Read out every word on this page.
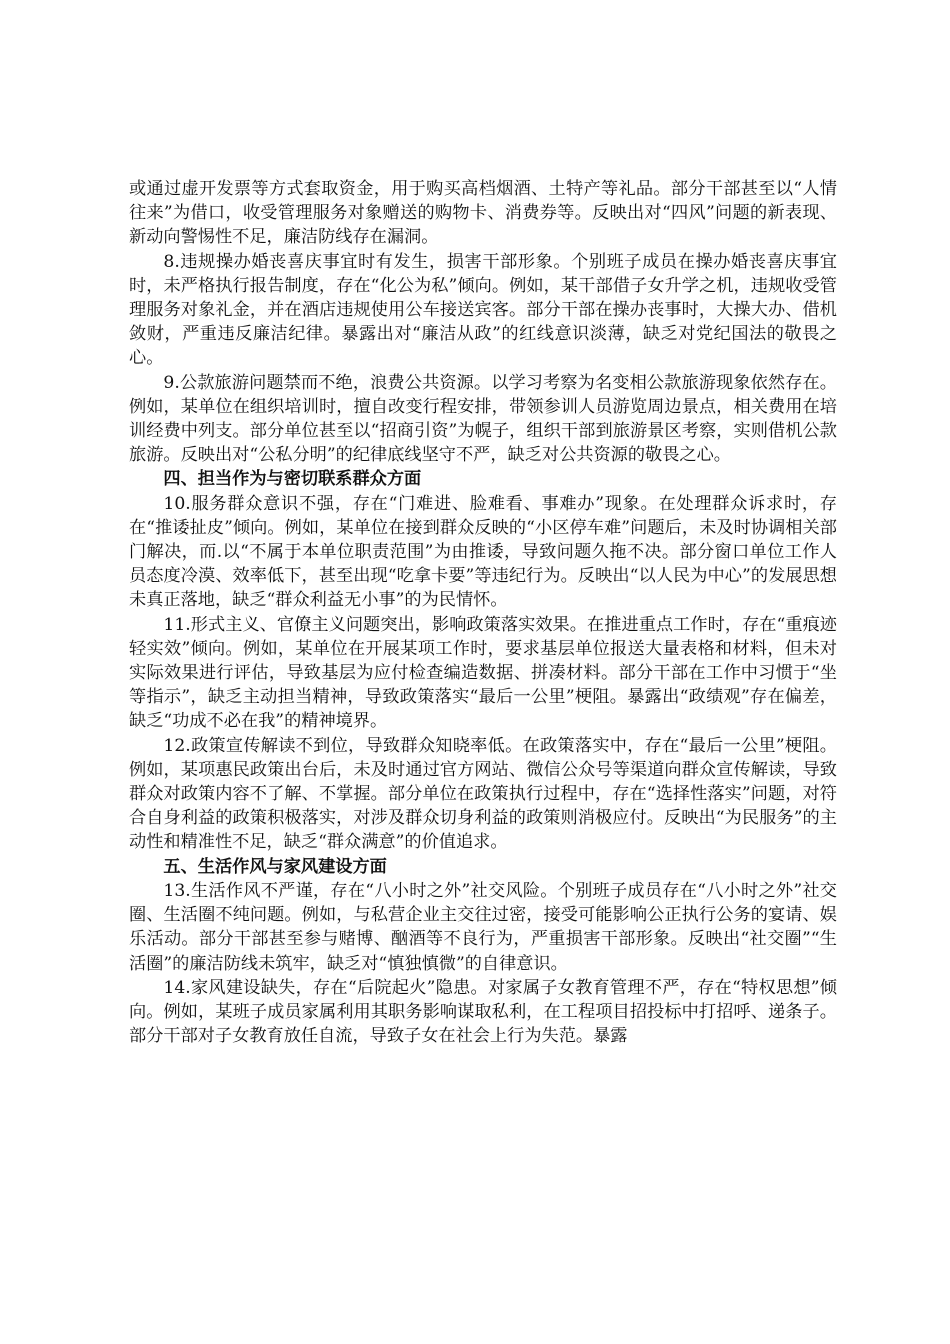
或通过虚开发票等方式套取资金，用于购买高档烟酒、土特产等礼品。部分干部甚至以“人情往来”为借口，收受管理服务对象赠送的购物卡、消费券等。反映出对“四风”问题的新表现、新动向警惕性不足，廉洁防线存在漏洞。

8.违规操办婚丧喜庆事宜时有发生，损害干部形象。个别班子成员在操办婚丧喜庆事宜时，未严格执行报告制度，存在“化公为私”倾向。例如，某干部借子女升学之机，违规收受管理服务对象礼金，并在酒店违规使用公车接送宾客。部分干部在操办丧事时，大操大办、借机敛财，严重违反廉洁纪律。暴露出对“廉洁从政”的红线意识淡薄，缺乏对党纪国法的敬畏之心。

9.公款旅游问题禁而不绝，浪费公共资源。以学习考察为名变相公款旅游现象依然存在。例如，某单位在组织培训时，擅自改变行程安排，带领参训人员游览周边景点，相关费用在培训经费中列支。部分单位甚至以“招商引资”为幌子，组织干部到旅游景区考察，实则借机公款旅游。反映出对“公私分明”的纪律底线坚守不严，缺乏对公共资源的敬畏之心。

四、担当作为与密切联系群众方面

10.服务群众意识不强，存在“门难进、脸难看、事难办”现象。在处理群众诉求时，存在“推诿扯皮”倾向。例如，某单位在接到群众反映的“小区停车难”问题后，未及时协调相关部门解决，而.以“不属于本单位职责范围”为由推诿，导致问题久拖不决。部分窗口单位工作人员态度冷漠、效率低下，甚至出现“吃拿卡要”等违纪行为。反映出“以人民为中心”的发展思想未真正落地，缺乏“群众利益无小事”的为民情怀。

11.形式主义、官僚主义问题突出，影响政策落实效果。在推进重点工作时，存在“重痕迹轻实效”倾向。例如，某单位在开展某项工作时，要求基层单位报送大量表格和材料，但未对实际效果进行评估，导致基层为应付检查编造数据、拼凑材料。部分干部在工作中习惯于“坐等指示”，缺乏主动担当精神，导致政策落实“最后一公里”梗阻。暴露出“政绩观”存在偏差，缺乏“功成不必在我”的精神境界。

12.政策宣传解读不到位，导致群众知晓率低。在政策落实中，存在“最后一公里”梗阻。例如，某项惠民政策出台后，未及时通过官方网站、微信公众号等渠道向群众宣传解读，导致群众对政策内容不了解、不掌握。部分单位在政策执行过程中，存在“选择性落实”问题，对符合自身利益的政策积极落实，对涉及群众切身利益的政策则消极应付。反映出“为民服务”的主动性和精准性不足，缺乏“群众满意”的价值追求。

五、生活作风与家风建设方面

13.生活作风不严谨，存在“八小时之外”社交风险。个别班子成员存在“八小时之外”社交圈、生活圈不纯问题。例如，与私营企业主交往过密，接受可能影响公正执行公务的宴请、娱乐活动。部分干部甚至参与赌博、酗酒等不良行为，严重损害干部形象。反映出“社交圈”“生活圈”的廉洁防线未筑牢，缺乏对“慎独慎微”的自律意识。

14.家风建设缺失，存在“后院起火”隐患。对家属子女教育管理不严，存在“特权思想”倾向。例如，某班子成员家属利用其职务影响谋取私利，在工程项目招投标中打招呼、递条子。部分干部对子女教育放任自流，导致子女在社会上行为失范。暴露
